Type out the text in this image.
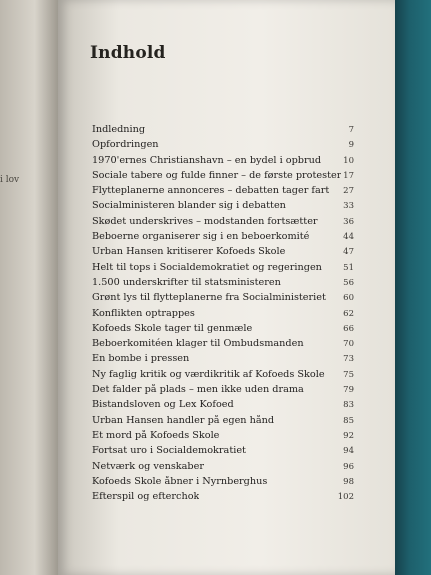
i lov
Indhold
Indledning	7
Opfordringen	9
1970'ernes Christianshavn – en bydel i opbrud	10
Sociale tabere og fulde finner – de første protester 17
Flytteplanerne annonceres – debatten tager fart 27
Socialministeren blander sig i debatten	33
Skødet underskrives – modstanden fortsætter	36
Beboerne organiserer sig i en beboerkomité	44
Urban Hansen kritiserer Kofoeds Skole	47
Helt til tops i Socialdemokratiet og regeringen 51
1.500 underskrifter til statsministeren	56
Grønt lys til flytteplanerne fra Socialministeriet 60
Konflikten optrappes	62
Kofoeds Skole tager til genmæle	66
Beboerkomitéen klager til Ombudsmanden	70
En bombe i pressen	73
Ny faglig kritik og værdikritik af Kofoeds Skole 75
Det falder på plads – men ikke uden drama	79
Bistandsloven og Lex Kofoed	83
Urban Hansen handler på egen hånd	85
Et mord på Kofoeds Skole	92
Fortsat uro i Socialdemokratiet	94
Netværk og venskaber	96
Kofoeds Skole åbner i Nyrnberghus	98
Efterspil og efterchok	102
